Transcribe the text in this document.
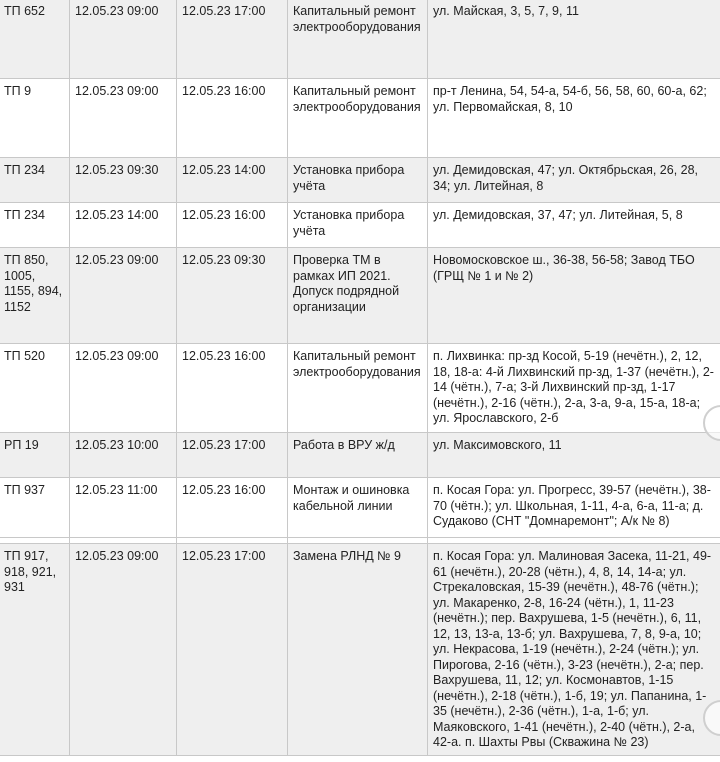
ТП 652	12.05.23 09:00	12.05.23 17:00	Капитальный ремонт электрооборудования	ул. Майская, 3, 5, 7, 9, 11
ТП 9	12.05.23 09:00	12.05.23 16:00	Капитальный ремонт электрооборудования	пр-т Ленина, 54, 54-а, 54-б, 56, 58, 60, 60-а, 62; ул. Первомайская, 8, 10
ТП 234	12.05.23 09:30	12.05.23 14:00	Установка прибора учёта	ул. Демидовская, 47; ул. Октябрьская, 26, 28, 34; ул. Литейная, 8
ТП 234	12.05.23 14:00	12.05.23 16:00	Установка прибора учёта	ул. Демидовская, 37, 47; ул. Литейная, 5, 8
ТП 850, 1005, 1155, 894, 1152	12.05.23 09:00	12.05.23 09:30	Проверка ТМ в рамках ИП 2021. Допуск подрядной организации	Новомосковское ш., 36-38, 56-58; Завод ТБО (ГРЩ № 1 и № 2)
ТП 520	12.05.23 09:00	12.05.23 16:00	Капитальный ремонт электрооборудования	п. Лихвинка: пр-зд Косой, 5-19 (нечётн.), 2, 12, 18, 18-а: 4-й Лихвинский пр-зд, 1-37 (нечётн.), 2-14 (чётн.), 7-а; 3-й Лихвинский пр-зд, 1-17 (нечётн.), 2-16 (чётн.), 2-а, 3-а, 9-а, 15-а, 18-а; ул. Ярославского, 2-б
РП 19	12.05.23 10:00	12.05.23 17:00	Работа в ВРУ ж/д	ул. Максимовского, 11
ТП 937	12.05.23 11:00	12.05.23 16:00	Монтаж и ошиновка кабельной линии	п. Косая Гора: ул. Прогресс, 39-57 (нечётн.), 38-70 (чётн.); ул. Школьная, 1-11, 4-а, 6-а, 11-а; д. Судаково (СНТ "Домнаремонт"; А/к № 8)

ТП 917, 918, 921, 931	12.05.23 09:00	12.05.23 17:00	Замена РЛНД № 9	п. Косая Гора: ул. Малиновая Засека, 11-21, 49-61 (нечётн.), 20-28 (чётн.), 4, 8, 14, 14-а; ул. Стрекаловская, 15-39 (нечётн.), 48-76 (чётн.); ул. Макаренко, 2-8, 16-24 (чётн.), 1, 11-23 (нечётн.); пер. Вахрушева, 1-5 (нечётн.), 6, 11, 12, 13, 13-а, 13-б; ул. Вахрушева, 7, 8, 9-а, 10; ул. Некрасова, 1-19 (нечётн.), 2-24 (чётн.); ул. Пирогова, 2-16 (чётн.), 3-23 (нечётн.), 2-а; пер. Вахрушева, 11, 12; ул. Космонавтов, 1-15 (нечётн.), 2-18 (чётн.), 1-б, 19; ул. Папанина, 1-35 (нечётн.), 2-36 (чётн.), 1-а, 1-б; ул. Маяковского, 1-41 (нечётн.), 2-40 (чётн.), 2-а, 42-а. п. Шахты Рвы (Скважина № 23)
